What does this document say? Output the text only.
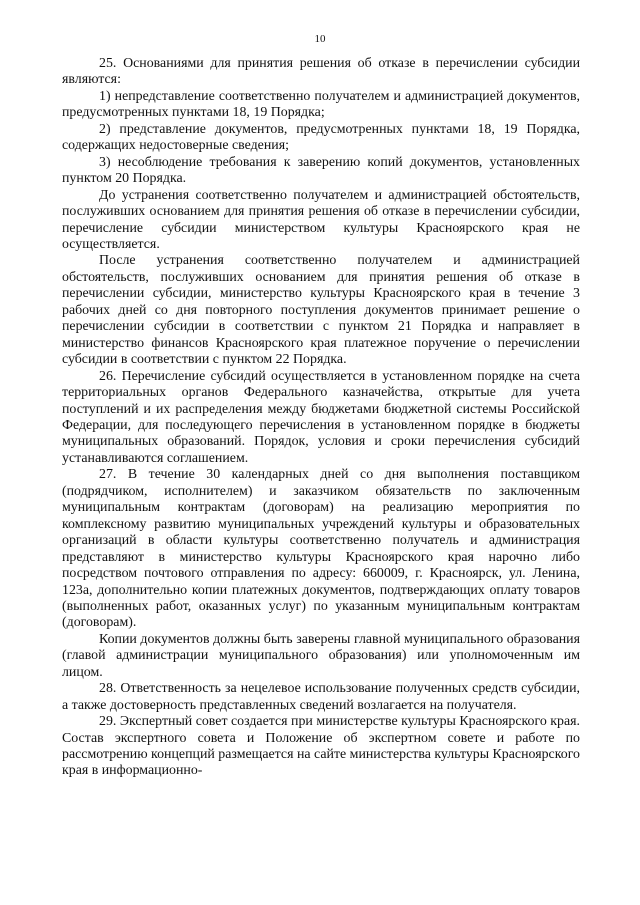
10

25. Основаниями для принятия решения об отказе в перечислении субсидии являются:

1) непредставление соответственно получателем и администрацией документов, предусмотренных пунктами 18, 19 Порядка;

2) представление документов, предусмотренных пунктами 18, 19 Порядка, содержащих недостоверные сведения;

3) несоблюдение требования к заверению копий документов, установленных пунктом 20 Порядка.

До устранения соответственно получателем и администрацией обстоятельств, послуживших основанием для принятия решения об отказе в перечислении субсидии, перечисление субсидии министерством культуры Красноярского края не осуществляется.

После устранения соответственно получателем и администрацией обстоятельств, послуживших основанием для принятия решения об отказе в перечислении субсидии, министерство культуры Красноярского края в течение 3 рабочих дней со дня повторного поступления документов принимает решение о перечислении субсидии в соответствии с пунктом 21 Порядка и направляет в министерство финансов Красноярского края платежное поручение о перечислении субсидии в соответствии с пунктом 22 Порядка.

26. Перечисление субсидий осуществляется в установленном порядке на счета территориальных органов Федерального казначейства, открытые для учета поступлений и их распределения между бюджетами бюджетной системы Российской Федерации, для последующего перечисления в установленном порядке в бюджеты муниципальных образований. Порядок, условия и сроки перечисления субсидий устанавливаются соглашением.

27. В течение 30 календарных дней со дня выполнения поставщиком (подрядчиком, исполнителем) и заказчиком обязательств по заключенным муниципальным контрактам (договорам) на реализацию мероприятия по комплексному развитию муниципальных учреждений культуры и образовательных организаций в области культуры соответственно получатель и администрация представляют в министерство культуры Красноярского края нарочно либо посредством почтового отправления по адресу: 660009, г. Красноярск, ул. Ленина, 123а, дополнительно копии платежных документов, подтверждающих оплату товаров (выполненных работ, оказанных услуг) по указанным муниципальным контрактам (договорам).

Копии документов должны быть заверены главной муниципального образования (главой администрации муниципального образования) или уполномоченным им лицом.

28. Ответственность за нецелевое использование полученных средств субсидии, а также достоверность представленных сведений возлагается на получателя.

29. Экспертный совет создается при министерстве культуры Красноярского края. Состав экспертного совета и Положение об экспертном совете и работе по рассмотрению концепций размещается на сайте министерства культуры Красноярского края в информационно-
